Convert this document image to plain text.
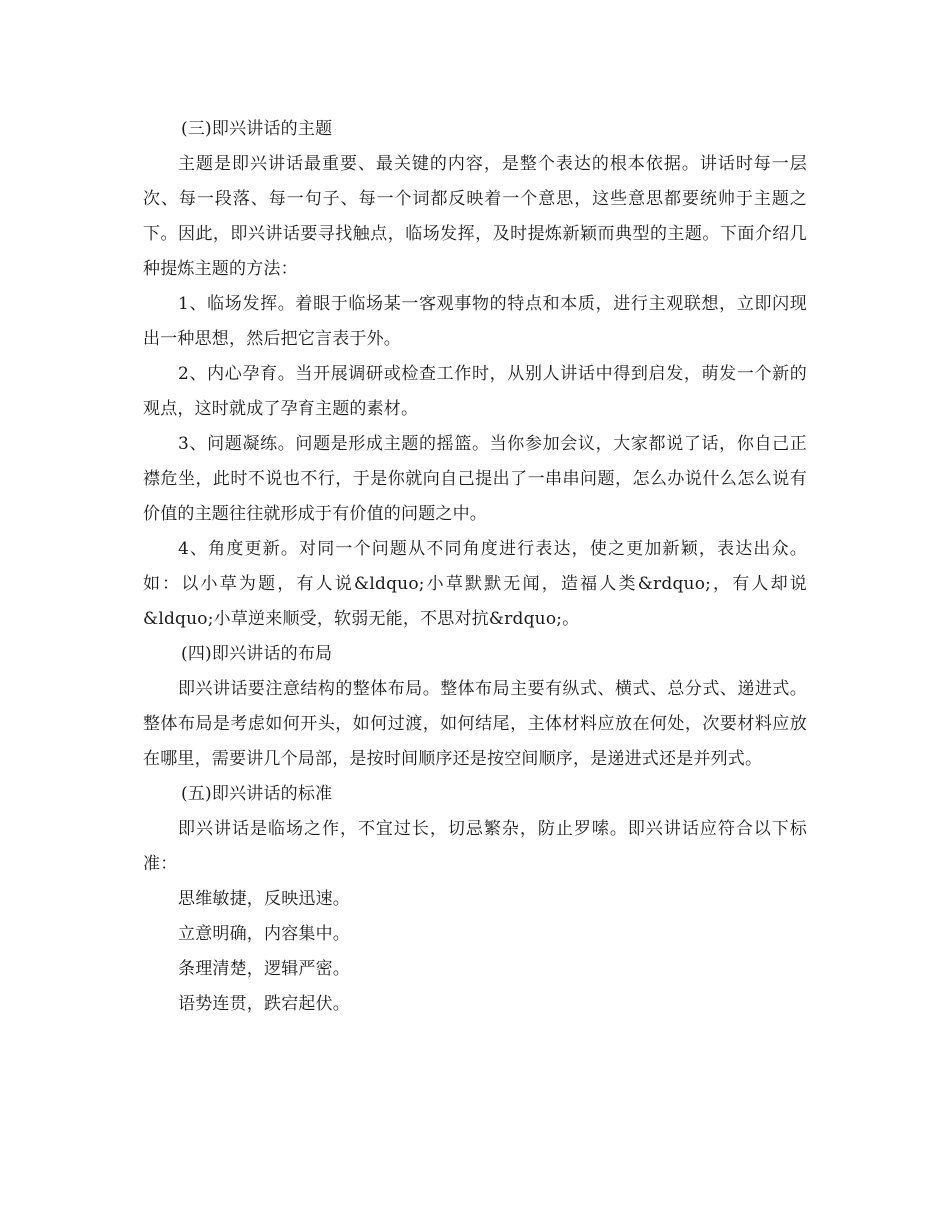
(三)即兴讲话的主题

主题是即兴讲话最重要、最关键的内容，是整个表达的根本依据。讲话时每一层次、每一段落、每一句子、每一个词都反映着一个意思，这些意思都要统帅于主题之下。因此，即兴讲话要寻找触点，临场发挥，及时提炼新颖而典型的主题。下面介绍几种提炼主题的方法：

1、临场发挥。着眼于临场某一客观事物的特点和本质，进行主观联想，立即闪现出一种思想，然后把它言表于外。

2、内心孕育。当开展调研或检查工作时，从别人讲话中得到启发，萌发一个新的观点，这时就成了孕育主题的素材。

3、问题凝练。问题是形成主题的摇篮。当你参加会议，大家都说了话，你自己正襟危坐，此时不说也不行，于是你就向自己提出了一串串问题，怎么办说什么怎么说有价值的主题往往就形成于有价值的问题之中。

4、角度更新。对同一个问题从不同角度进行表达，使之更加新颖，表达出众。如：以小草为题，有人说&ldquo;小草默默无闻，造福人类&rdquo;，有人却说&ldquo;小草逆来顺受，软弱无能，不思对抗&rdquo;。

(四)即兴讲话的布局

即兴讲话要注意结构的整体布局。整体布局主要有纵式、横式、总分式、递进式。整体布局是考虑如何开头，如何过渡，如何结尾，主体材料应放在何处，次要材料应放在哪里，需要讲几个局部，是按时间顺序还是按空间顺序，是递进式还是并列式。

(五)即兴讲话的标准

即兴讲话是临场之作，不宜过长，切忌繁杂，防止罗嗦。即兴讲话应符合以下标准：

思维敏捷，反映迅速。

立意明确，内容集中。

条理清楚，逻辑严密。

语势连贯，跌宕起伏。
